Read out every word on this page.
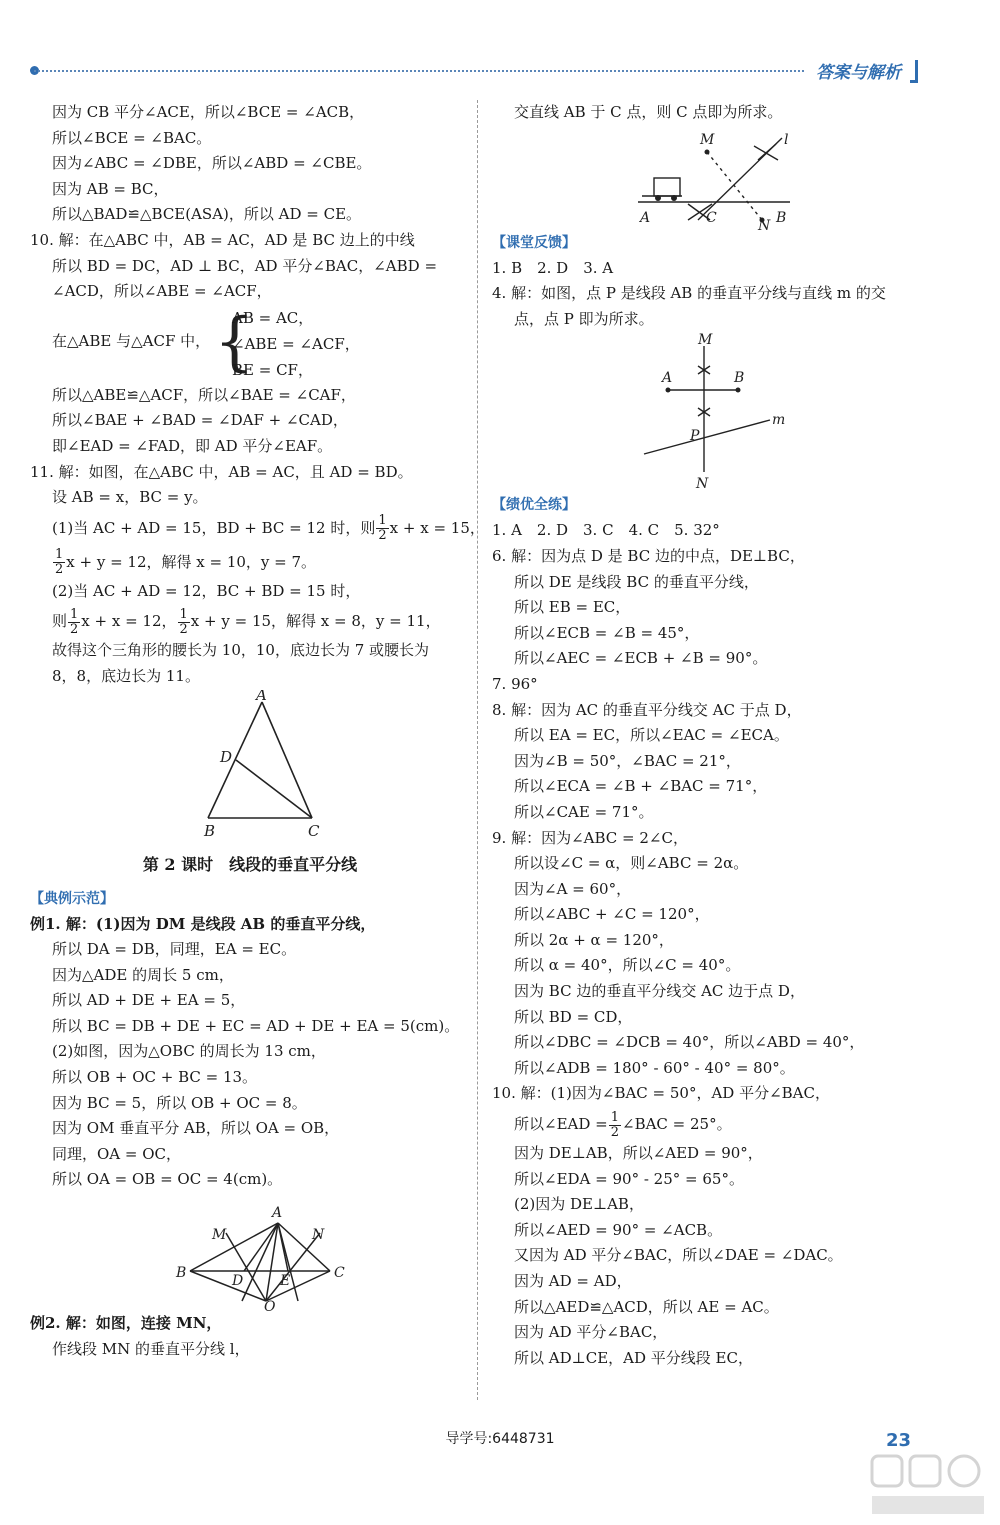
答案与解析
因为 CB 平分∠ACE，所以∠BCE = ∠ACB，
所以∠BCE = ∠BAC。
因为∠ABC = ∠DBE，所以∠ABD = ∠CBE。
因为 AB = BC，
所以△BAD≌△BCE(ASA)，所以 AD = CE。
10. 解：在△ABC 中，AB = AC，AD 是 BC 边上的中线
所以 BD = DC，AD ⊥ BC，AD 平分∠BAC，∠ABD =
∠ACD，所以∠ABE = ∠ACF，
在△ABE 与△ACF 中， {
AB = AC，
∠ABE = ∠ACF，
BE = CF，
所以△ABE≌△ACF，所以∠BAE = ∠CAF，
所以∠BAE + ∠BAD = ∠DAF + ∠CAD，
即∠EAD = ∠FAD，即 AD 平分∠EAF。
11. 解：如图，在△ABC 中，AB = AC，且 AD = BD。
设 AB = x，BC = y。
(1)当 AC + AD = 15，BD + BC = 12 时，则 $\frac{1}{2}$ x + x = 15，
$\frac{1}{2}$ x + y = 12，解得 x = 10，y = 7。
(2)当 AC + AD = 12，BC + BD = 15 时，
则 $\frac{1}{2}$ x + x = 12， $\frac{1}{2}$ x + y = 15，解得 x = 8，y = 11，
故得这个三角形的腰长为 10，10，底边长为 7 或腰长为
8，8，底边长为 11。
A
D
B	C
第 2 课时　线段的垂直平分线
【典例示范】
例1. 解：(1)因为 DM 是线段 AB 的垂直平分线，
所以 DA = DB，同理，EA = EC。
因为△ADE 的周长 5 cm，
所以 AD + DE + EA = 5，
所以 BC = DB + DE + EC = AD + DE + EA = 5(cm)。
(2)如图，因为△OBC 的周长为 13 cm，
所以 OB + OC + BC = 13。
因为 BC = 5，所以 OB + OC = 8。
因为 OM 垂直平分 AB，所以 OA = OB，
同理，OA = OC，
所以 OA = OB = OC = 4(cm)。
A
M	N
B	C
D	E
O
例2. 解：如图，连接 MN，
作线段 MN 的垂直平分线 l，
交直线 AB 于 C 点，则 C 点即为所求。
M	l
A	C	N B
【课堂反馈】
1. B　2. D　3. A
4. 解：如图，点 P 是线段 AB 的垂直平分线与直线 m 的交
点，点 P 即为所求。
M
A	B
P
m
N
【绩优全练】
1. A　2. D　3. C　4. C　5. 32°
6. 解：因为点 D 是 BC 边的中点，DE⊥BC，
所以 DE 是线段 BC 的垂直平分线，
所以 EB = EC，
所以∠ECB = ∠B = 45°，
所以∠AEC = ∠ECB + ∠B = 90°。
7. 96°
8. 解：因为 AC 的垂直平分线交 AC 于点 D，
所以 EA = EC，所以∠EAC = ∠ECA。
因为∠B = 50°，∠BAC = 21°，
所以∠ECA = ∠B + ∠BAC = 71°，
所以∠CAE = 71°。
9. 解：因为∠ABC = 2∠C，
所以设∠C = α，则∠ABC = 2α。
因为∠A = 60°，
所以∠ABC + ∠C = 120°，
所以 2α + α = 120°，
所以 α = 40°，所以∠C = 40°。
因为 BC 边的垂直平分线交 AC 边于点 D，
所以 BD = CD，
所以∠DBC = ∠DCB = 40°，所以∠ABD = 40°，
所以∠ADB = 180° - 60° - 40° = 80°。
10. 解：(1)因为∠BAC = 50°，AD 平分∠BAC，
所以∠EAD = $\frac{1}{2}$ ∠BAC = 25°。
因为 DE⊥AB，所以∠AED = 90°，
所以∠EDA = 90° - 25° = 65°。
(2)因为 DE⊥AB，
所以∠AED = 90° = ∠ACB。
又因为 AD 平分∠BAC，所以∠DAE = ∠DAC。
因为 AD = AD，
所以△AED≌△ACD，所以 AE = AC。
因为 AD 平分∠BAC，
所以 AD⊥CE，AD 平分线段 EC，
导学号:6448731	23
